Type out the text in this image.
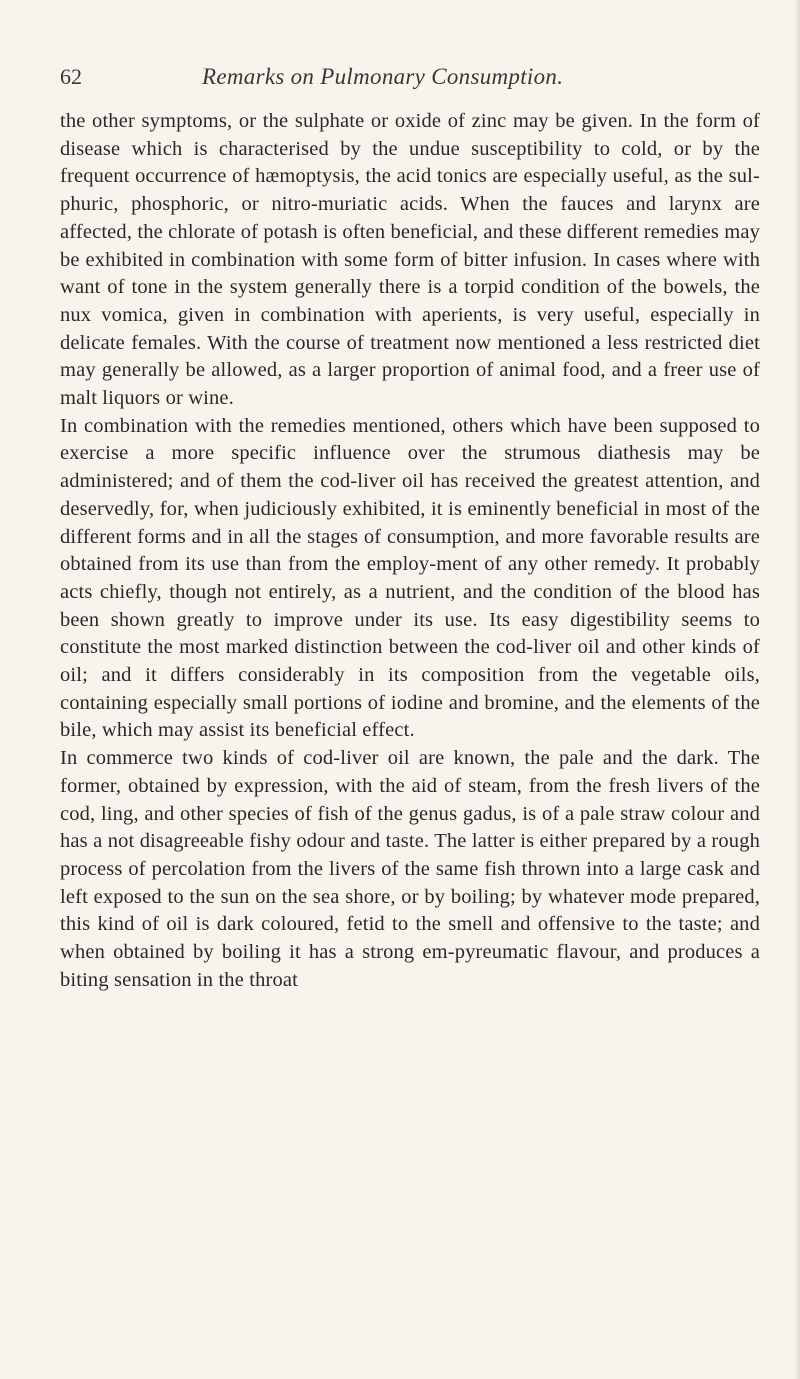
62	Remarks on Pulmonary Consumption.

the other symptoms, or the sulphate or oxide of zinc may be given. In the form of disease which is characterised by the undue susceptibility to cold, or by the frequent occurrence of hæmoptysis, the acid tonics are especially useful, as the sul-phuric, phosphoric, or nitro-muriatic acids. When the fauces and larynx are affected, the chlorate of potash is often beneficial, and these different remedies may be exhibited in combination with some form of bitter infusion. In cases where with want of tone in the system generally there is a torpid condition of the bowels, the nux vomica, given in combination with aperients, is very useful, especially in delicate females. With the course of treatment now mentioned a less restricted diet may generally be allowed, as a larger proportion of animal food, and a freer use of malt liquors or wine.

In combination with the remedies mentioned, others which have been supposed to exercise a more specific influence over the strumous diathesis may be administered; and of them the cod-liver oil has received the greatest attention, and deservedly, for, when judiciously exhibited, it is eminently beneficial in most of the different forms and in all the stages of consumption, and more favorable results are obtained from its use than from the employ-ment of any other remedy. It probably acts chiefly, though not entirely, as a nutrient, and the condition of the blood has been shown greatly to improve under its use. Its easy digestibility seems to constitute the most marked distinction between the cod-liver oil and other kinds of oil; and it differs considerably in its composition from the vegetable oils, containing especially small portions of iodine and bromine, and the elements of the bile, which may assist its beneficial effect.

In commerce two kinds of cod-liver oil are known, the pale and the dark. The former, obtained by expression, with the aid of steam, from the fresh livers of the cod, ling, and other species of fish of the genus gadus, is of a pale straw colour and has a not disagreeable fishy odour and taste. The latter is either prepared by a rough process of percolation from the livers of the same fish thrown into a large cask and left exposed to the sun on the sea shore, or by boiling; by whatever mode prepared, this kind of oil is dark coloured, fetid to the smell and offensive to the taste; and when obtained by boiling it has a strong em-pyreumatic flavour, and produces a biting sensation in the throat
